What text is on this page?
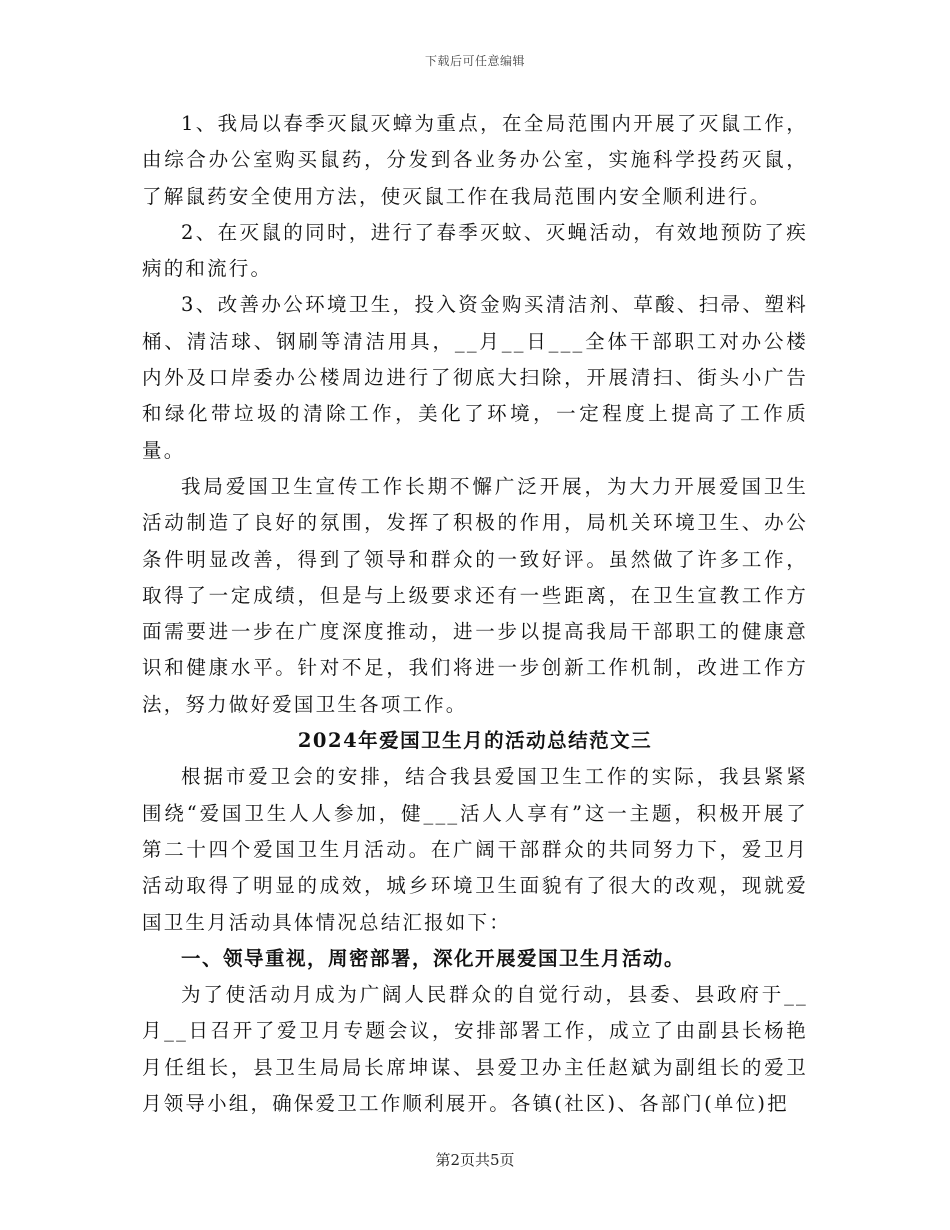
下载后可任意编辑

1、我局以春季灭鼠灭蟑为重点，在全局范围内开展了灭鼠工作，由综合办公室购买鼠药，分发到各业务办公室，实施科学投药灭鼠，了解鼠药安全使用方法，使灭鼠工作在我局范围内安全顺利进行。

2、在灭鼠的同时，进行了春季灭蚊、灭蝇活动，有效地预防了疾病的和流行。

3、改善办公环境卫生，投入资金购买清洁剂、草酸、扫帚、塑料桶、清洁球、钢刷等清洁用具，__月__日___全体干部职工对办公楼内外及口岸委办公楼周边进行了彻底大扫除，开展清扫、街头小广告和绿化带垃圾的清除工作，美化了环境，一定程度上提高了工作质量。

我局爱国卫生宣传工作长期不懈广泛开展，为大力开展爱国卫生活动制造了良好的氛围，发挥了积极的作用，局机关环境卫生、办公条件明显改善，得到了领导和群众的一致好评。虽然做了许多工作，取得了一定成绩，但是与上级要求还有一些距离，在卫生宣教工作方面需要进一步在广度深度推动，进一步以提高我局干部职工的健康意识和健康水平。针对不足，我们将进一步创新工作机制，改进工作方法，努力做好爱国卫生各项工作。

2024年爱国卫生月的活动总结范文三

根据市爱卫会的安排，结合我县爱国卫生工作的实际，我县紧紧围绕“爱国卫生人人参加，健___活人人享有”这一主题，积极开展了第二十四个爱国卫生月活动。在广阔干部群众的共同努力下，爱卫月活动取得了明显的成效，城乡环境卫生面貌有了很大的改观，现就爱国卫生月活动具体情况总结汇报如下：

一、领导重视，周密部署，深化开展爱国卫生月活动。

为了使活动月成为广阔人民群众的自觉行动，县委、县政府于__月__日召开了爱卫月专题会议，安排部署工作，成立了由副县长杨艳月任组长，县卫生局局长席坤谋、县爱卫办主任赵斌为副组长的爱卫月领导小组，确保爱卫工作顺利展开。各镇(社区)、各部门(单位)把

第2页共5页
